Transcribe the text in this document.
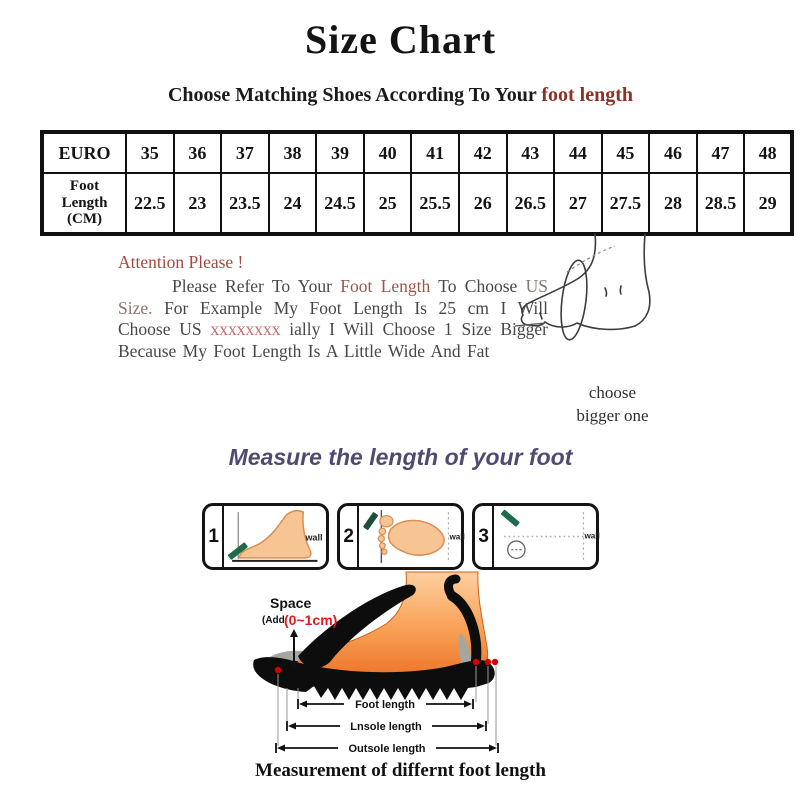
Size Chart
Choose Matching Shoes According To Your foot length
EURO	35	36	37	38	39	40	41	42	43	44	45	46	47	48

Foot
Length
(CM)	22.5	23	23.5	24	24.5	25	25.5	26	26.5	27	27.5	28	28.5	29
Attention Please !
Please Refer To Your Foot Length To Choose US Size. For Example My Foot Length Is 25 cm I Will Choose US xxxxxxxx ially I Will Choose 1 Size Bigger Because My Foot Length Is A Little Wide And Fat
choose
bigger one
Measure the length of your foot
1	wall 2	wall 3	wall
Space
(Add (0~1cm)
Foot length
Lnsole length
Outsole length
Measurement of differnt foot length
